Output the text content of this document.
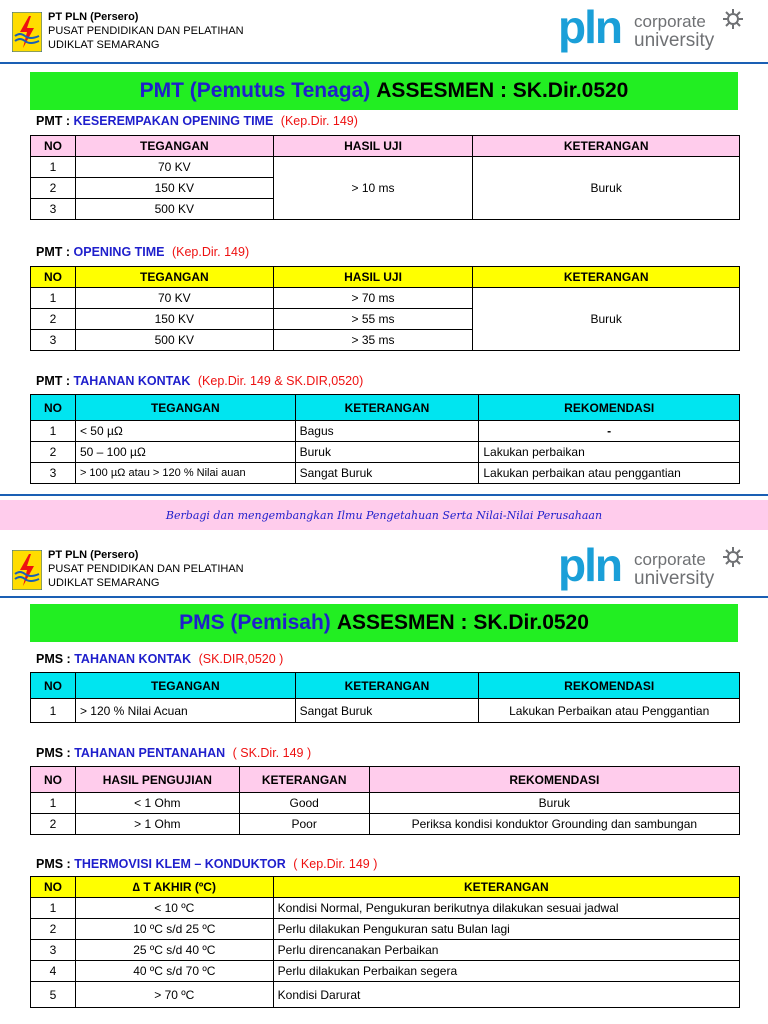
PT PLN (Persero)
PUSAT PENDIDIKAN DAN PELATIHAN
UDIKLAT SEMARANG	pln corporate
university
PMT (Pemutus Tenaga) ASSESMEN : SK.Dir.0520
PMT : KESEREMPAKAN OPENING TIME (Kep.Dir. 149)
NO	TEGANGAN	HASIL UJI	KETERANGAN
1	70 KV	> 10 ms	Buruk
2	150 KV		
3	500 KV		
PMT : OPENING TIME (Kep.Dir. 149)
NO	TEGANGAN	HASIL UJI	KETERANGAN
1	70 KV	> 70 ms	Buruk
2	150 KV	> 55 ms	
3	500 KV	> 35 ms	
PMT : TAHANAN KONTAK (Kep.Dir. 149 & SK.DIR,0520)
NO	TEGANGAN	KETERANGAN	REKOMENDASI
1	< 50 µΩ	Bagus	-
2	50 – 100 µΩ	Buruk	Lakukan perbaikan
3	> 100 µΩ atau > 120 % Nilai auan	Sangat Buruk	Lakukan perbaikan atau penggantian
Berbagi dan mengembangkan Ilmu Pengetahuan Serta Nilai-Nilai Perusahaan
PT PLN (Persero)
PUSAT PENDIDIKAN DAN PELATIHAN
UDIKLAT SEMARANG	pln corporate
university
PMS (Pemisah) ASSESMEN : SK.Dir.0520
PMS : TAHANAN KONTAK (SK.DIR,0520 )
NO	TEGANGAN	KETERANGAN	REKOMENDASI
1	> 120 % Nilai Acuan	Sangat Buruk	Lakukan Perbaikan atau Penggantian
PMS : TAHANAN PENTANAHAN ( SK.Dir. 149 )
NO	HASIL PENGUJIAN	KETERANGAN	REKOMENDASI
1	< 1 Ohm	Good	Buruk
2	> 1 Ohm	Poor	Periksa kondisi konduktor Grounding dan sambungan
PMS : THERMOVISI KLEM – KONDUKTOR ( Kep.Dir. 149 )
NO	∆ T AKHIR (ºC)	KETERANGAN
1	< 10 ºC	Kondisi Normal, Pengukuran berikutnya dilakukan sesuai jadwal
2	10 ºC s/d 25 ºC	Perlu dilakukan Pengukuran satu Bulan lagi
3	25 ºC s/d 40 ºC	Perlu direncanakan Perbaikan
4	40 ºC s/d 70 ºC	Perlu dilakukan Perbaikan segera
5	> 70 ºC	Kondisi Darurat
